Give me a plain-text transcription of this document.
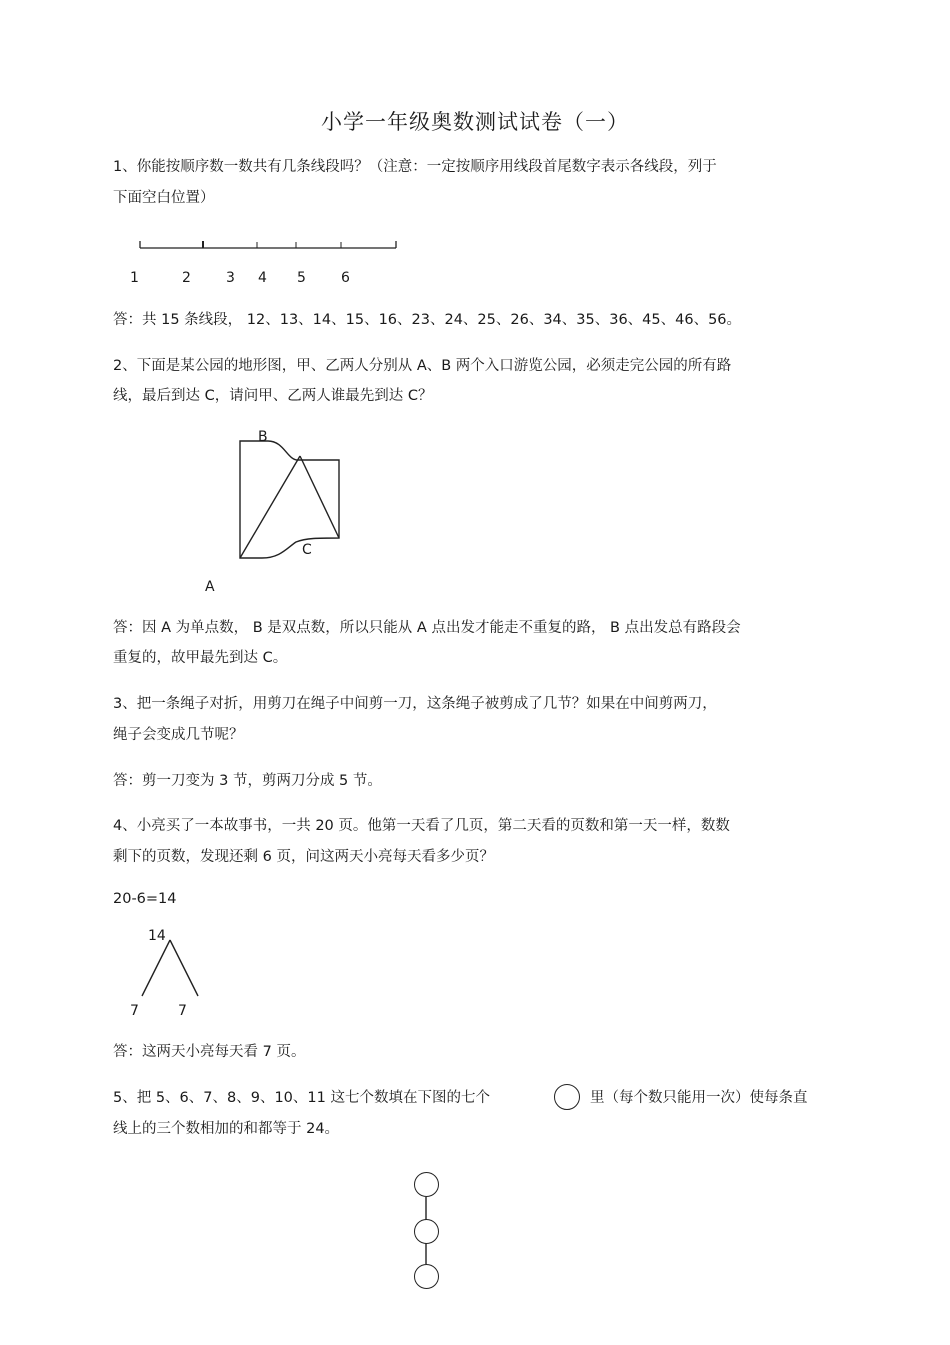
小学一年级奥数测试试卷（一）
1、你能按顺序数一数共有几条线段吗？（注意：一定按顺序用线段首尾数字表示各线段，列于
下面空白位置）
1	2	3 4 5	6
答：共 15 条线段， 12、13、14、15、16、23、24、25、26、34、35、36、45、46、56。
2、下面是某公园的地形图，甲、乙两人分别从 A、B 两个入口游览公园，必须走完公园的所有路
线，最后到达 C，请问甲、乙两人谁最先到达 C？
B
C
A
答：因 A 为单点数， B 是双点数，所以只能从 A 点出发才能走不重复的路， B 点出发总有路段会
重复的，故甲最先到达 C。
3、把一条绳子对折，用剪刀在绳子中间剪一刀，这条绳子被剪成了几节？如果在中间剪两刀，
绳子会变成几节呢？
答：剪一刀变为 3 节，剪两刀分成 5 节。
4、小亮买了一本故事书，一共 20 页。他第一天看了几页，第二天看的页数和第一天一样，数数
剩下的页数，发现还剩 6 页，问这两天小亮每天看多少页？
20-6=14
14
7	7
答：这两天小亮每天看 7 页。
5、把 5、6、7、8、9、10、11 这七个数填在下图的七个	里（每个数只能用一次）使每条直
线上的三个数相加的和都等于 24。
